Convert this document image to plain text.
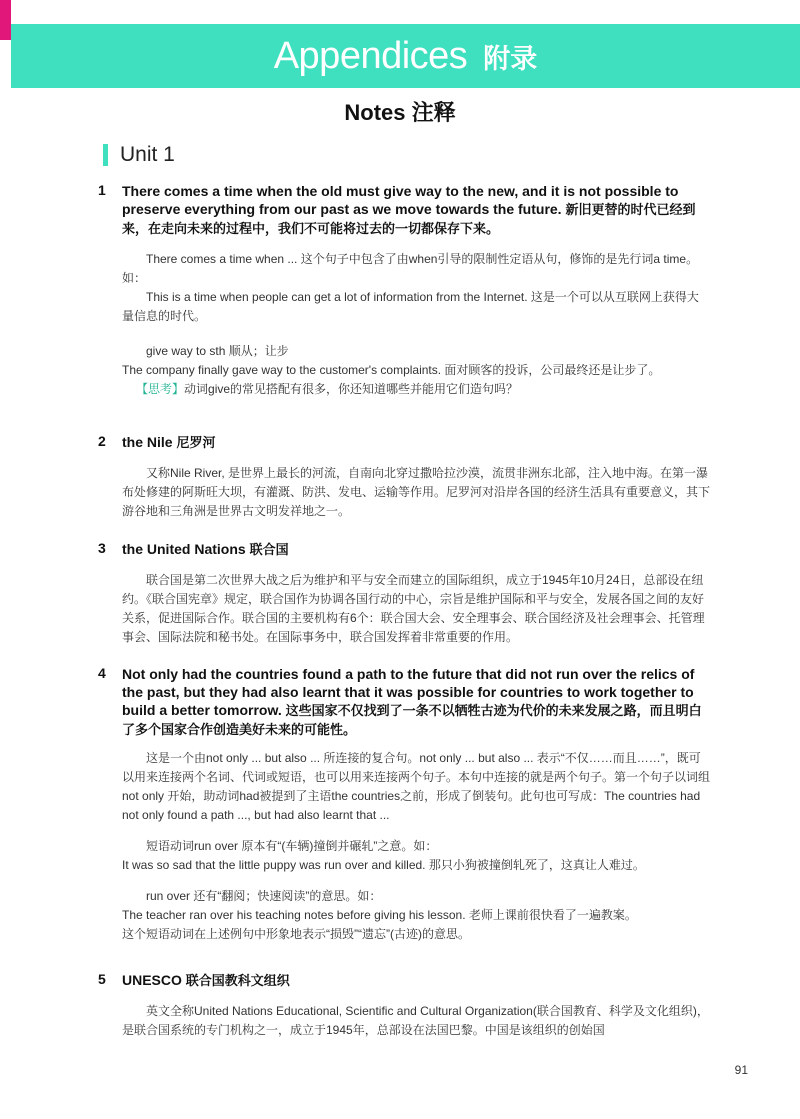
Appendices 附录
Notes 注释
Unit 1
1 There comes a time when the old must give way to the new, and it is not possible to preserve everything from our past as we move towards the future. 新旧更替的时代已经到来，在走向未来的过程中，我们不可能将过去的一切都保存下来。

There comes a time when ... 这个句子中包含了由when引导的限制性定语从句，修饰的是先行词a time。如：

This is a time when people can get a lot of information from the Internet. 这是一个可以从互联网上获得大量信息的时代。

give way to sth 顺从；让步

The company finally gave way to the customer's complaints. 面对顾客的投诉，公司最终还是让步了。

【思考】动词give的常见搭配有很多，你还知道哪些并能用它们造句吗？

2 the Nile 尼罗河

又称Nile River, 是世界上最长的河流，自南向北穿过撒哈拉沙漠，流贯非洲东北部，注入地中海。在第一瀑布处修建的阿斯旺大坝，有灌溉、防洪、发电、运输等作用。尼罗河对沿岸各国的经济生活具有重要意义，其下游谷地和三角洲是世界古文明发祥地之一。

3 the United Nations 联合国

联合国是第二次世界大战之后为维护和平与安全而建立的国际组织，成立于1945年10月24日，总部设在纽约。《联合国宪章》规定，联合国作为协调各国行动的中心，宗旨是维护国际和平与安全，发展各国之间的友好关系，促进国际合作。联合国的主要机构有6个：联合国大会、安全理事会、联合国经济及社会理事会、托管理事会、国际法院和秘书处。在国际事务中，联合国发挥着非常重要的作用。

4 Not only had the countries found a path to the future that did not run over the relics of the past, but they had also learnt that it was possible for countries to work together to build a better tomorrow. 这些国家不仅找到了一条不以牺牲古迹为代价的未来发展之路，而且明白了多个国家合作创造美好未来的可能性。

这是一个由not only ... but also ... 所连接的复合句。not only ... but also ... 表示“不仅……而且……”，既可以用来连接两个名词、代词或短语，也可以用来连接两个句子。本句中连接的就是两个句子。第一个句子以词组not only 开始，助动词had被提到了主语the countries之前，形成了倒装句。此句也可写成：The countries had not only found a path ..., but had also learnt that ...

短语动词run over 原本有“(车辆)撞倒并碾轧”之意。如：

It was so sad that the little puppy was run over and killed. 那只小狗被撞倒轧死了，这真让人难过。

run over 还有“翻阅；快速阅读”的意思。如：

The teacher ran over his teaching notes before giving his lesson. 老师上课前很快看了一遍教案。

这个短语动词在上述例句中形象地表示“损毁”“遗忘”(古迹)的意思。

5 UNESCO 联合国教科文组织

英文全称United Nations Educational, Scientific and Cultural Organization(联合国教育、科学及文化组织)，是联合国系统的专门机构之一，成立于1945年，总部设在法国巴黎。中国是该组织的创始国

91
